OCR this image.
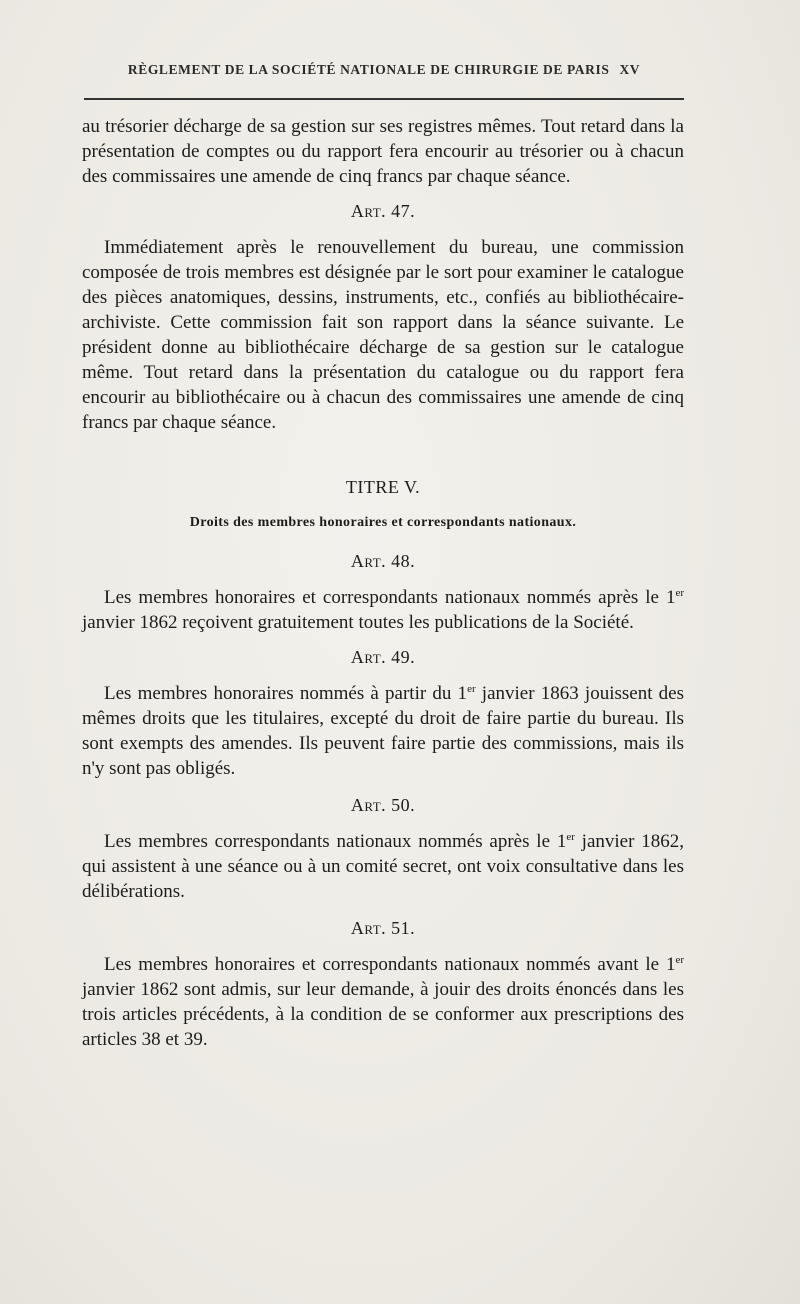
RÈGLEMENT DE LA SOCIÉTÉ NATIONALE DE CHIRURGIE DE PARIS XV

au trésorier décharge de sa gestion sur ses registres mêmes. Tout retard dans la présentation de comptes ou du rapport fera encourir au trésorier ou à chacun des commissaires une amende de cinq francs par chaque séance.

Art. 47.

Immédiatement après le renouvellement du bureau, une commission composée de trois membres est désignée par le sort pour examiner le catalogue des pièces anatomiques, dessins, instruments, etc., confiés au bibliothécaire-archiviste. Cette commission fait son rapport dans la séance suivante. Le président donne au bibliothécaire décharge de sa gestion sur le catalogue même. Tout retard dans la présentation du catalogue ou du rapport fera encourir au bibliothécaire ou à chacun des commissaires une amende de cinq francs par chaque séance.

TITRE V.

Droits des membres honoraires et correspondants nationaux.

Art. 48.

Les membres honoraires et correspondants nationaux nommés après le 1er janvier 1862 reçoivent gratuitement toutes les publications de la Société.

Art. 49.

Les membres honoraires nommés à partir du 1er janvier 1863 jouissent des mêmes droits que les titulaires, excepté du droit de faire partie du bureau. Ils sont exempts des amendes. Ils peuvent faire partie des commissions, mais ils n'y sont pas obligés.

Art. 50.

Les membres correspondants nationaux nommés après le 1er janvier 1862, qui assistent à une séance ou à un comité secret, ont voix consultative dans les délibérations.

Art. 51.

Les membres honoraires et correspondants nationaux nommés avant le 1er janvier 1862 sont admis, sur leur demande, à jouir des droits énoncés dans les trois articles précédents, à la condition de se conformer aux prescriptions des articles 38 et 39.
